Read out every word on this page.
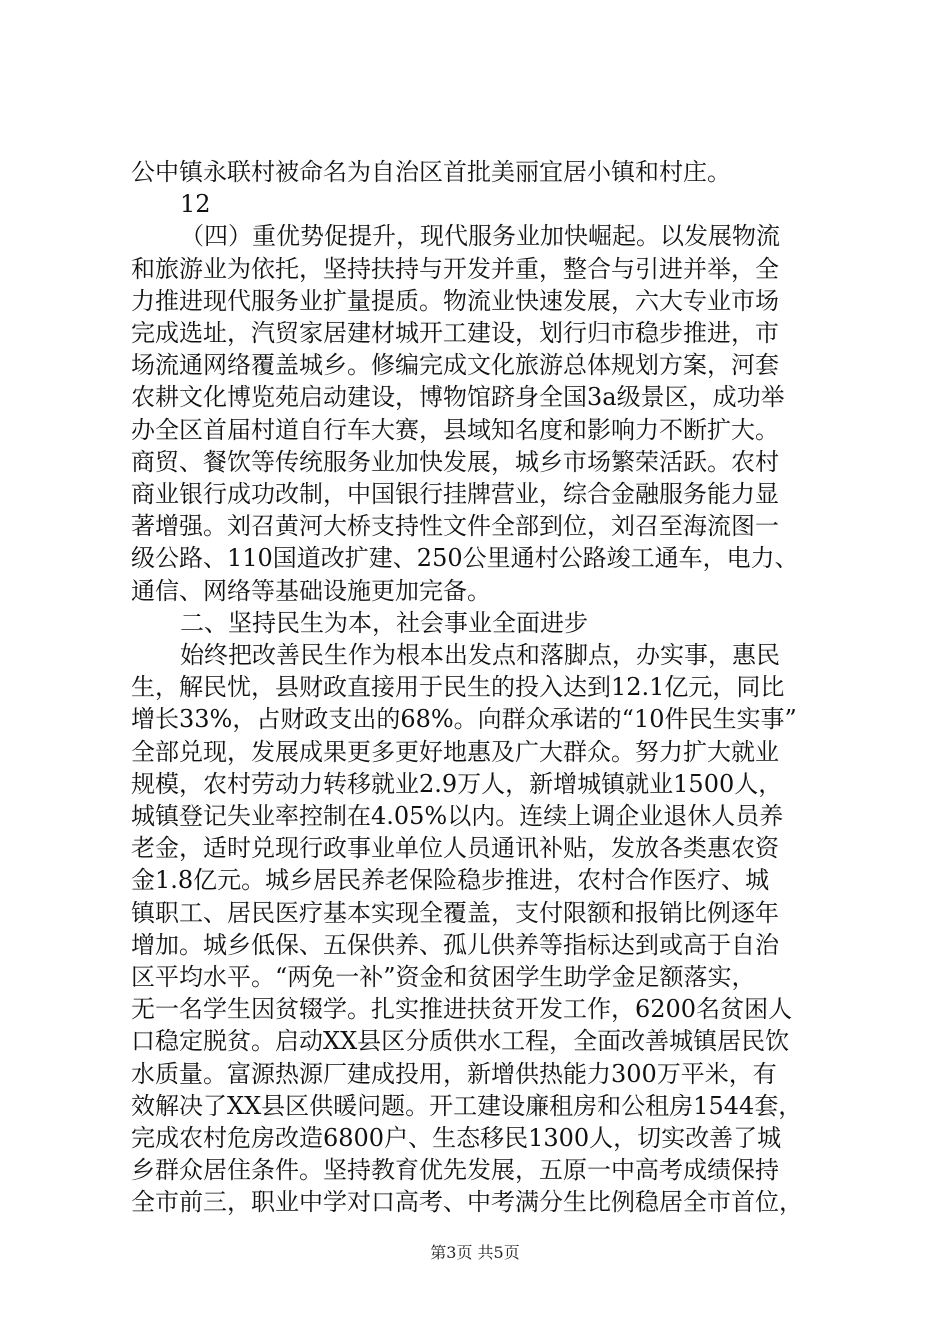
公中镇永联村被命名为自治区首批美丽宜居小镇和村庄。
12
（四）重优势促提升，现代服务业加快崛起。以发展物流
和旅游业为依托，坚持扶持与开发并重，整合与引进并举，全
力推进现代服务业扩量提质。物流业快速发展，六大专业市场
完成选址，汽贸家居建材城开工建设，划行归市稳步推进，市
场流通网络覆盖城乡。修编完成文化旅游总体规划方案，河套
农耕文化博览苑启动建设，博物馆跻身全国3a级景区，成功举
办全区首届村道自行车大赛，县域知名度和影响力不断扩大。
商贸、餐饮等传统服务业加快发展，城乡市场繁荣活跃。农村
商业银行成功改制，中国银行挂牌营业，综合金融服务能力显
著增强。刘召黄河大桥支持性文件全部到位，刘召至海流图一
级公路、110国道改扩建、250公里通村公路竣工通车，电力、
通信、网络等基础设施更加完备。
二、坚持民生为本，社会事业全面进步
始终把改善民生作为根本出发点和落脚点，办实事，惠民
生，解民忧，县财政直接用于民生的投入达到12.1亿元，同比
增长33%，占财政支出的68%。向群众承诺的“10件民生实事”
全部兑现，发展成果更多更好地惠及广大群众。努力扩大就业
规模，农村劳动力转移就业2.9万人，新增城镇就业1500人，
城镇登记失业率控制在4.05%以内。连续上调企业退休人员养
老金，适时兑现行政事业单位人员通讯补贴，发放各类惠农资
金1.8亿元。城乡居民养老保险稳步推进，农村合作医疗、城
镇职工、居民医疗基本实现全覆盖，支付限额和报销比例逐年
增加。城乡低保、五保供养、孤儿供养等指标达到或高于自治
区平均水平。“两免一补”资金和贫困学生助学金足额落实，
无一名学生因贫辍学。扎实推进扶贫开发工作，6200名贫困人
口稳定脱贫。启动XX县区分质供水工程，全面改善城镇居民饮
水质量。富源热源厂建成投用，新增供热能力300万平米，有
效解决了XX县区供暖问题。开工建设廉租房和公租房1544套，
完成农村危房改造6800户、生态移民1300人，切实改善了城
乡群众居住条件。坚持教育优先发展，五原一中高考成绩保持
全市前三，职业中学对口高考、中考满分生比例稳居全市首位，
第3页 共5页
